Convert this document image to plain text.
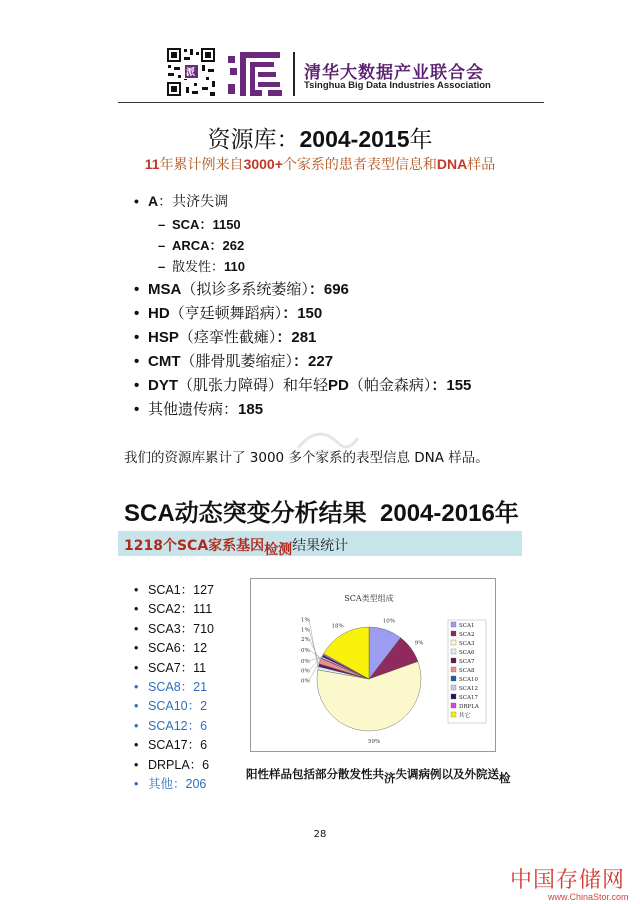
派	清华大数据产业联合会
Tsinghua Big Data Industries Association
资源库：2004-2015年
11年累计例来自3000+个家系的患者表型信息和DNA样品
• A：共济失调
– SCA：1150
– ARCA：262
– 散发性：110
• MSA（拟诊多系统萎缩）：696
• HD（亨廷顿舞蹈病）：150
• HSP（痉挛性截瘫）：281
• CMT（腓骨肌萎缩症）：227
• DYT（肌张力障碍）和年轻PD（帕金森病）：155
• 其他遗传病：185
我们的资源库累计了 3000 多个家系的表型信息 DNA 样品。
SCA动态突变分析结果 2004-2016年
1218个SCA家系基因检测结果统计
• SCA1：127
• SCA2：111
• SCA3：710
• SCA6：12
• SCA7：11
• SCA8：21
• SCA10：2
• SCA12：6
• SCA17：6
• DRPLA：6
• 其他：206
SCA类型组成
10%
9%
59%
1%
1%
2%
0%
0%
0%
0%
18%	SCA1
SCA2
SCA3
SCA6
SCA7
SCA8
SCA10
SCA12
SCA17
DRPLA
其它
阳性样品包括部分散发性共济失调病例以及外院送检
28
中国存储网
www.ChinaStor.com
